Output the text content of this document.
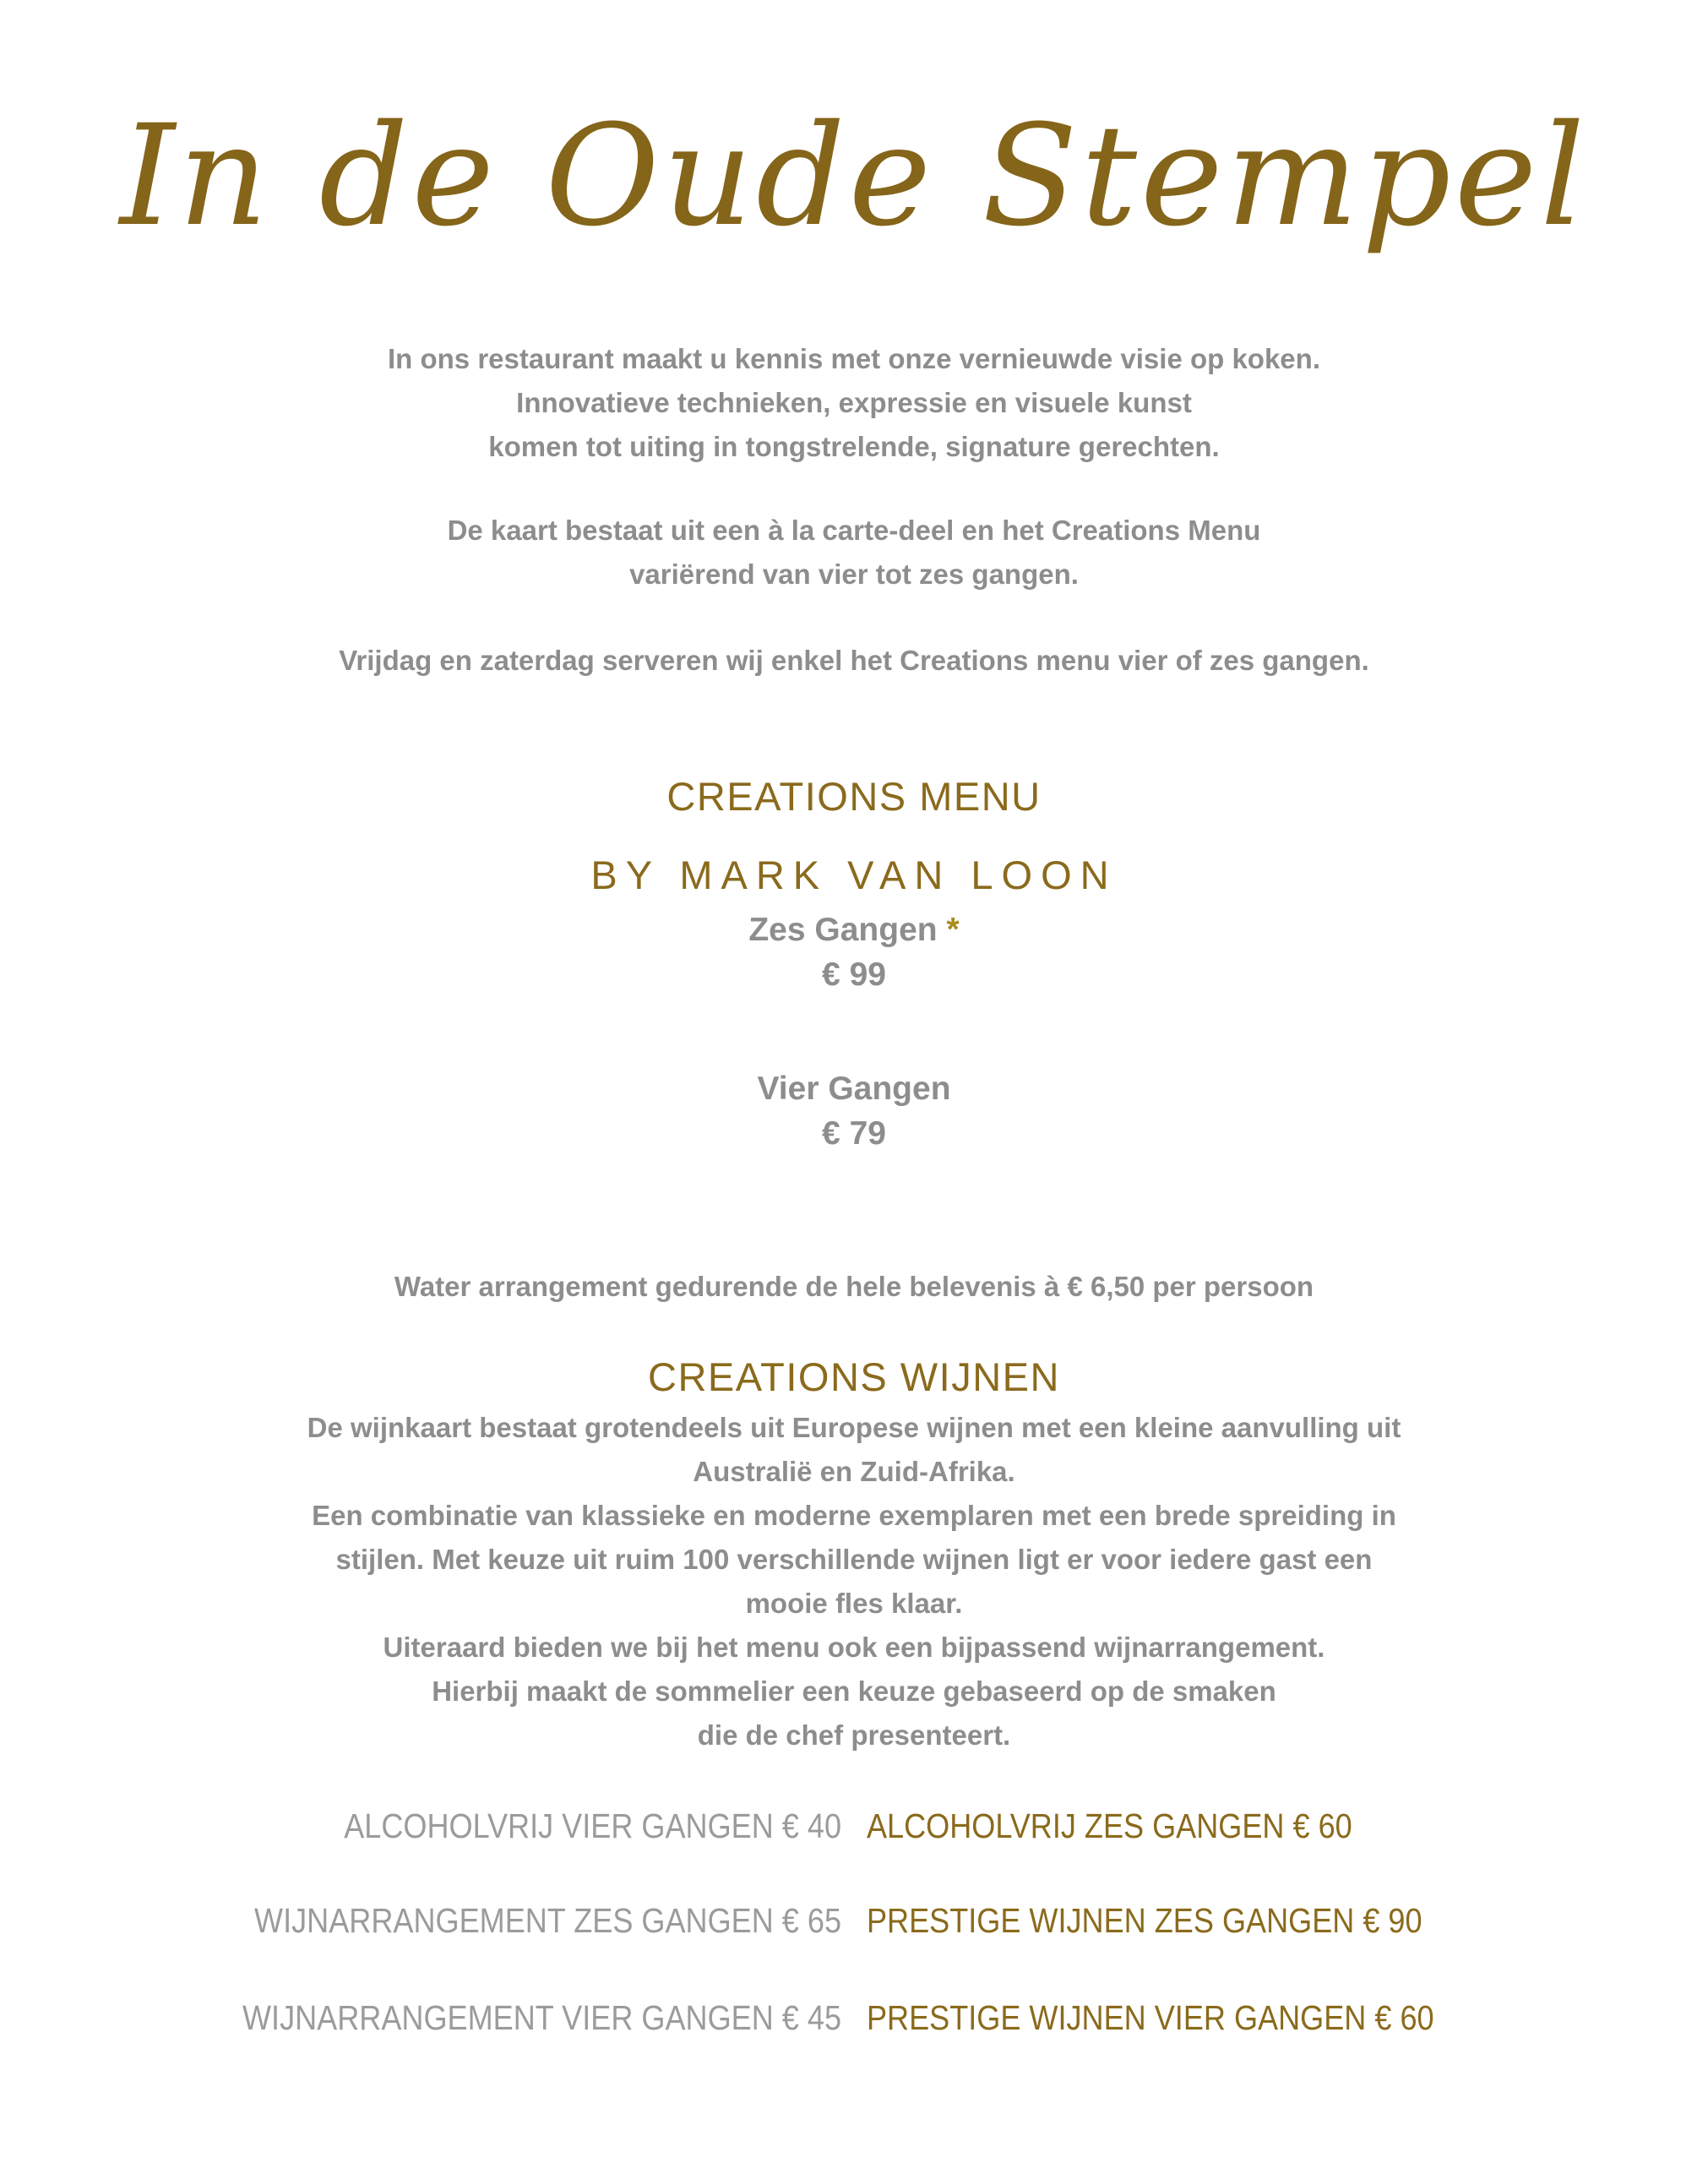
In de Oude Stempel
In ons restaurant maakt u kennis met onze vernieuwde visie op koken.
Innovatieve technieken, expressie en visuele kunst
komen tot uiting in tongstrelende, signature gerechten.
De kaart bestaat uit een à la carte-deel en het Creations Menu
variërend van vier tot zes gangen.
Vrijdag en zaterdag serveren wij enkel het Creations menu vier of zes gangen.
CREATIONS MENU
BY MARK VAN LOON
Zes Gangen *
€ 99
Vier Gangen
€ 79
Water arrangement gedurende de hele belevenis à € 6,50 per persoon
CREATIONS WIJNEN
De wijnkaart bestaat grotendeels uit Europese wijnen met een kleine aanvulling uit
Australië en Zuid-Afrika.
Een combinatie van klassieke en moderne exemplaren met een brede spreiding in
stijlen. Met keuze uit ruim 100 verschillende wijnen ligt er voor iedere gast een
mooie fles klaar.
Uiteraard bieden we bij het menu ook een bijpassend wijnarrangement.
Hierbij maakt de sommelier een keuze gebaseerd op de smaken
die de chef presenteert.
ALCOHOLVRIJ VIER GANGEN € 40 ALCOHOLVRIJ ZES GANGEN € 60
WIJNARRANGEMENT ZES GANGEN € 65 PRESTIGE WIJNEN ZES GANGEN € 90
WIJNARRANGEMENT VIER GANGEN € 45 PRESTIGE WIJNEN VIER GANGEN € 60
